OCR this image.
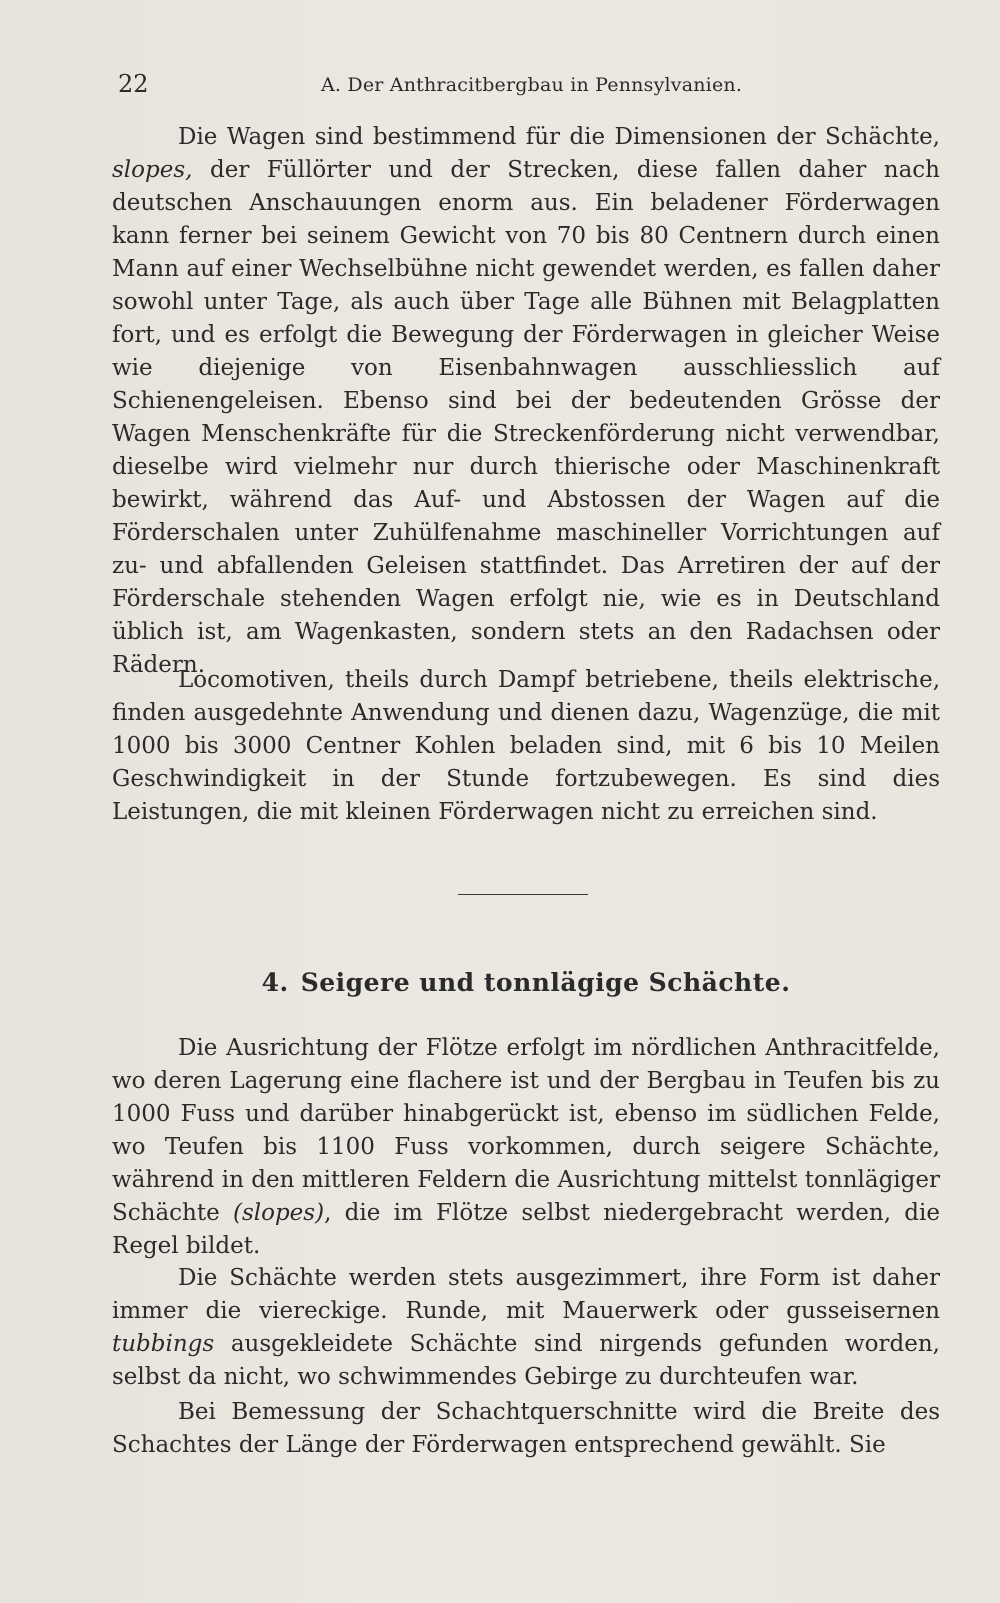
22	A. Der Anthracitbergbau in Pennsylvanien.

Die Wagen sind bestimmend für die Dimensionen der Schächte, slopes, der Füllörter und der Strecken, diese fallen daher nach deutschen Anschauungen enorm aus. Ein beladener Förderwagen kann ferner bei seinem Gewicht von 70 bis 80 Centnern durch einen Mann auf einer Wechselbühne nicht gewendet werden, es fallen daher sowohl unter Tage, als auch über Tage alle Bühnen mit Belagplatten fort, und es erfolgt die Bewegung der Förderwagen in gleicher Weise wie diejenige von Eisenbahnwagen ausschliesslich auf Schienengeleisen. Ebenso sind bei der bedeutenden Grösse der Wagen Menschenkräfte für die Streckenförderung nicht verwendbar, dieselbe wird vielmehr nur durch thierische oder Maschinenkraft bewirkt, während das Auf- und Abstossen der Wagen auf die Förderschalen unter Zuhülfenahme maschineller Vorrichtungen auf zu- und abfallenden Geleisen stattfindet. Das Arretiren der auf der Förderschale stehenden Wagen erfolgt nie, wie es in Deutschland üblich ist, am Wagenkasten, sondern stets an den Radachsen oder Rädern.

Locomotiven, theils durch Dampf betriebene, theils elektrische, finden ausgedehnte Anwendung und dienen dazu, Wagenzüge, die mit 1000 bis 3000 Centner Kohlen beladen sind, mit 6 bis 10 Meilen Geschwindigkeit in der Stunde fortzubewegen. Es sind dies Leistungen, die mit kleinen Förderwagen nicht zu erreichen sind.

4. Seigere und tonnlägige Schächte.

Die Ausrichtung der Flötze erfolgt im nördlichen Anthracitfelde, wo deren Lagerung eine flachere ist und der Bergbau in Teufen bis zu 1000 Fuss und darüber hinabgerückt ist, ebenso im südlichen Felde, wo Teufen bis 1100 Fuss vorkommen, durch seigere Schächte, während in den mittleren Feldern die Ausrichtung mittelst tonnlägiger Schächte (slopes), die im Flötze selbst niedergebracht werden, die Regel bildet.

Die Schächte werden stets ausgezimmert, ihre Form ist daher immer die viereckige. Runde, mit Mauerwerk oder gusseisernen tubbings ausgekleidete Schächte sind nirgends gefunden worden, selbst da nicht, wo schwimmendes Gebirge zu durchteufen war.

Bei Bemessung der Schachtquerschnitte wird die Breite des Schachtes der Länge der Förderwagen entsprechend gewählt. Sie
